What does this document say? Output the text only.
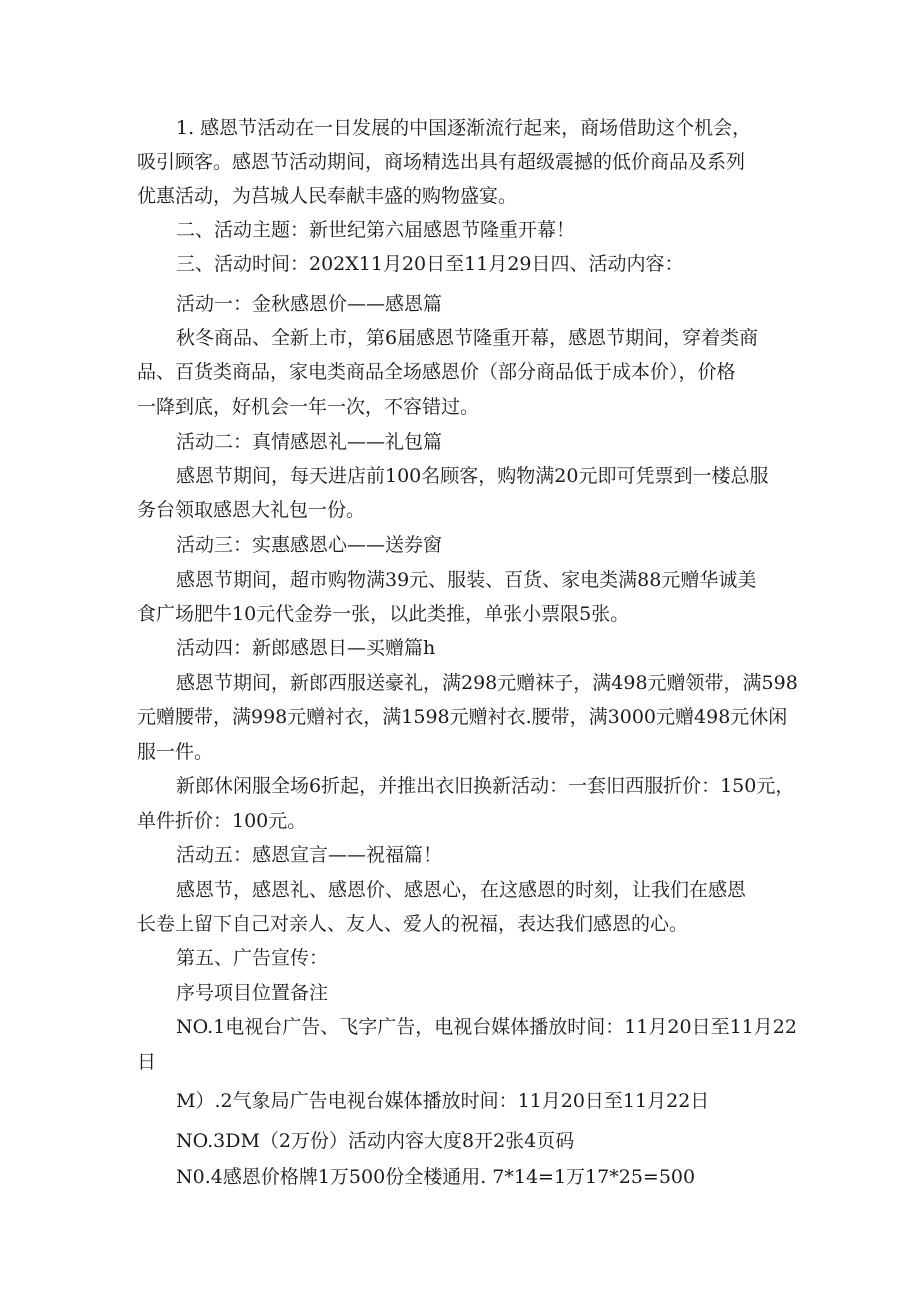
1. 感恩节活动在一日发展的中国逐渐流行起来，商场借助这个机会，
吸引顾客。感恩节活动期间，商场精选出具有超级震撼的低价商品及系列
优惠活动，为莒城人民奉献丰盛的购物盛宴。
二、活动主题：新世纪第六届感恩节隆重开幕！
三、活动时间：202X11月20日至11月29日四、活动内容：
活动一：金秋感恩价——感恩篇
秋冬商品、全新上市，第6届感恩节隆重开幕，感恩节期间，穿着类商
品、百货类商品，家电类商品全场感恩价（部分商品低于成本价），价格
一降到底，好机会一年一次，不容错过。
活动二：真情感恩礼——礼包篇
感恩节期间，每天进店前100名顾客，购物满20元即可凭票到一楼总服
务台领取感恩大礼包一份。
活动三：实惠感恩心——送券窗
感恩节期间，超市购物满39元、服装、百货、家电类满88元赠华诚美
食广场肥牛10元代金券一张，以此类推，单张小票限5张。
活动四：新郎感恩日—买赠篇h
感恩节期间，新郎西服送豪礼，满298元赠袜子，满498元赠领带，满598
元赠腰带，满998元赠衬衣，满1598元赠衬衣.腰带，满3000元赠498元休闲
服一件。
新郎休闲服全场6折起，并推出衣旧换新活动：一套旧西服折价：150元，
单件折价：100元。
活动五：感恩宣言——祝福篇！
感恩节，感恩礼、感恩价、感恩心，在这感恩的时刻，让我们在感恩
长卷上留下自己对亲人、友人、爱人的祝福，表达我们感恩的心。
第五、广告宣传：
序号项目位置备注
NO.1电视台广告、飞字广告，电视台媒体播放时间：11月20日至11月22
日
M）.2气象局广告电视台媒体播放时间：11月20日至11月22日
NO.3DM（2万份）活动内容大度8开2张4页码
N0.4感恩价格牌1万500份全楼通用. 7*14=1万17*25=500
